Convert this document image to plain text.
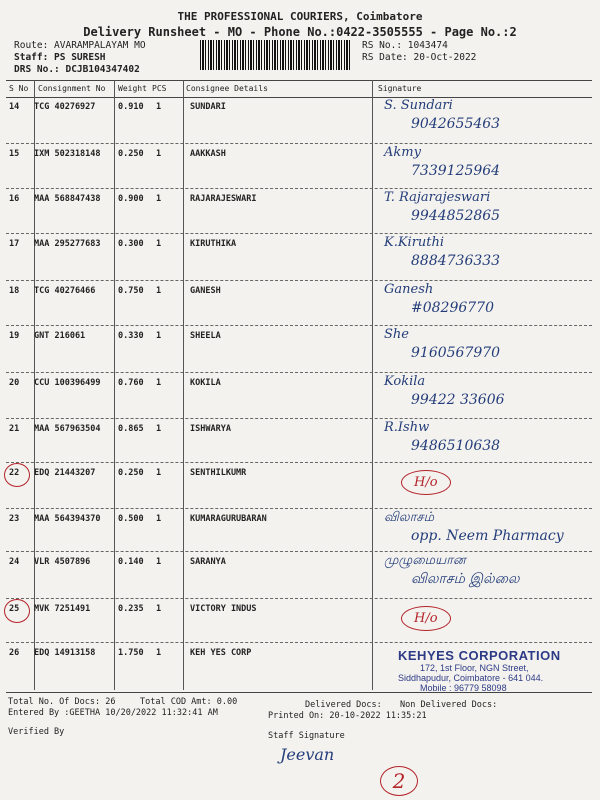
THE PROFESSIONAL COURIERS, Coimbatore
Delivery Runsheet - MO - Phone No.:0422-3505555 - Page No.:2
Route: AVARAMPALAYAM MO
Staff: PS SURESH
DRS No.: DCJB104347402
RS No.: 1043474
RS Date: 20-Oct-2022
S No Consignment No Weight PCS Consignee Details	Signature
14 TCG 40276927	0.910 1	SUNDARI	S. Sundari
9042655463
15 IXM 502318148 0.250 1	AAKKASH	Akmy
7339125964
16 MAA 568847438 0.900 1	RAJARAJESWARI	T. Rajarajeswari
9944852865
17 MAA 295277683 0.300 1	KIRUTHIKA	K.Kiruthi
8884736333
18 TCG 40276466	0.750 1	GANESH	Ganesh
#08296770
19 GNT 216061	0.330 1	SHEELA	She
9160567970
20 CCU 100396499 0.760 1	KOKILA	Kokila
99422 33606
21 MAA 567963504 0.865 1	ISHWARYA	R.Ishw
9486510638
22 EDQ 21443207	0.250 1	SENTHILKUMR
H/o
23 MAA 564394370 0.500 1	KUMARAGURUBARAN	விலாசம்
opp. Neem Pharmacy
24 VLR 4507896	0.140 1	SARANYA	முழுமையான
விலாசம் இல்லை
25 MVK 7251491	0.235 1	VICTORY INDUS
H/o
26 EDQ 14913158	1.750 1	KEH YES CORP	KEHYES CORPORATION
172, 1st Floor, NGN Street,
Siddhapudur, Coimbatore - 641 044.
Mobile : 96779 58098
Total No. Of Docs: 26	Total COD Amt: 0.00	Delivered Docs: Non Delivered Docs:
Entered By :GEETHA 10/20/2022 11:32:41 AM	Printed On: 20-10-2022 11:35:21
Verified By	Staff Signature
Jeevan
2
